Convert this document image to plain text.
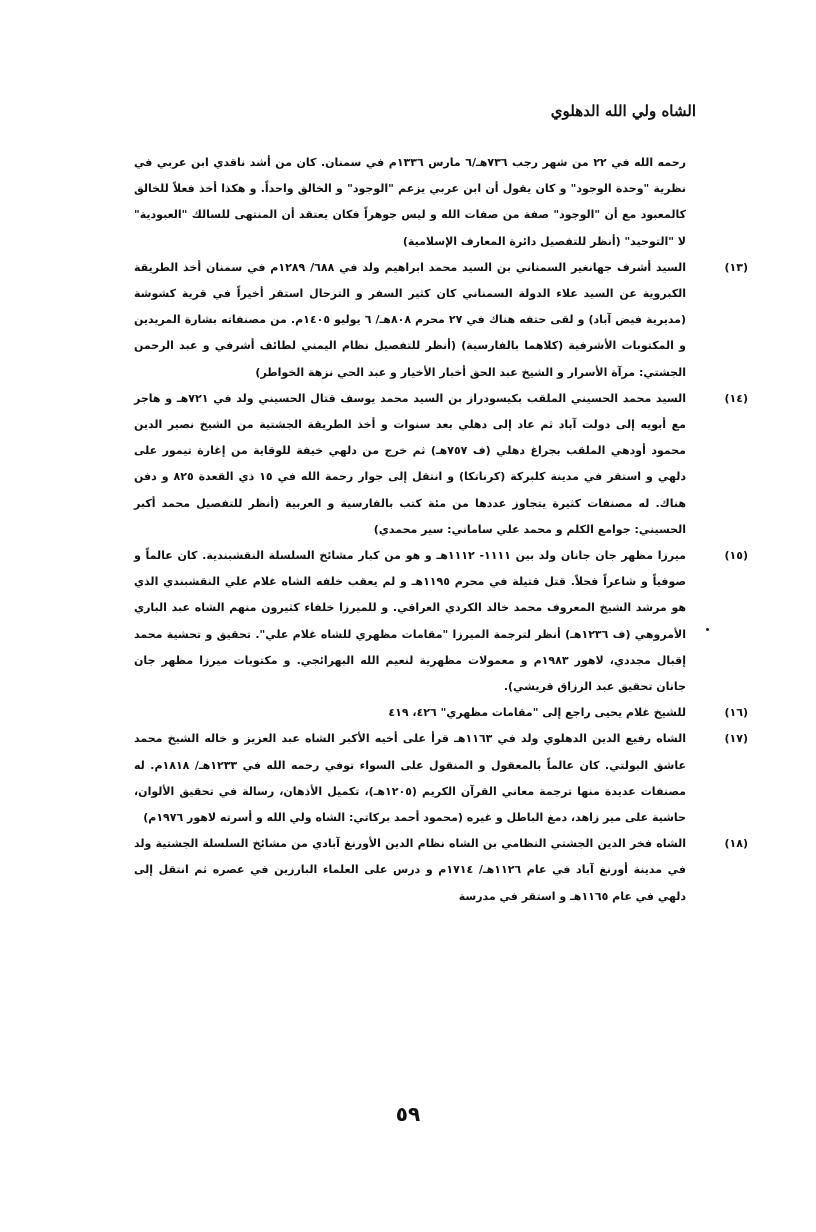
الشاه ولي الله الدهلوي

رحمه الله في ٢٢ من شهر رجب ٧٣٦هـ/٦ مارس ١٣٣٦م في سمنان. كان من أشد ناقدي ابن عربي في نظرية "وحدة الوجود" و كان يقول أن ابن عربي يزعم "الوجود" و الخالق واحداً. و هكذا أخذ فعلاً للخالق كالمعبود مع أن "الوجود" صفة من صفات الله و ليس جوهراً فكان يعتقد أن المنتهى للسالك "العبودية" لا "التوحيد" (أنظر للتفصيل دائرة المعارف الإسلامية)

(١٣)
السيد أشرف جهانغير السمناني بن السيد محمد ابراهيم ولد في ٦٨٨/ ١٢٨٩م في سمنان أخذ الطريقة الكبروية عن السيد علاء الدولة السمناني كان كثير السفر و الترحال استقر أخيراً في قرية كشوشة (مديرية فيض آباد) و لقى حتفه هناك في ٢٧ محرم ٨٠٨هـ/ ٦ يوليو ١٤٠٥م. من مصنفاته بشارة المريدين و المكتوبات الأشرفية (كلاهما بالفارسية) (أنظر للتفصيل نظام اليمني لطائف أشرفي و عبد الرحمن الجشتي: مرآة الأسرار و الشيخ عبد الحق أخبار الأخيار و عبد الحي نزهة الخواطر)

(١٤)
السيد محمد الحسيني الملقب بكيسودراز بن السيد محمد يوسف قتال الحسيني ولد في ٧٢١هـ و هاجر مع أبويه إلى دولت آباد ثم عاد إلى دهلي بعد سنوات و أخذ الطريقة الجشتية من الشيخ نصير الدين محمود أودهي الملقب بجراغ دهلي (ف ٧٥٧هـ) ثم خرج من دلهي خيفة للوقاية من إغارة تيمور على دلهي و استقر في مدينة كلبركة (كرناتكا) و انتقل إلى جوار رحمة الله في ١٥ ذي القعدة ٨٢٥ و دفن هناك. له مصنفات كثيرة يتجاوز عددها من مئة كتب بالفارسية و العربية (أنظر للتفصيل محمد أكبر الحسيني: جوامع الكلم و محمد علي ساماني: سير محمدي)

(١٥)
ميرزا مظهر جان جانان ولد بين ١١١١- ١١١٢هـ و هو من كبار مشائخ السلسلة النقشبندية. كان عالماً و صوفياً و شاعراً فحلاً. قتل قتيلة في محرم ١١٩٥هـ و لم يعقب خلفه الشاه غلام علي النقشبندي الذي هو مرشد الشيخ المعروف محمد خالد الكردي العراقي. و للميرزا خلفاء كثيرون منهم الشاه عبد الباري الأمروهي (ف ١٢٣٦هـ) أنظر لترجمة الميرزا "مقامات مظهري للشاه غلام علي". تحقيق و تحشية محمد إقبال مجددي، لاهور ١٩٨٣م و معمولات مظهرية لنعيم الله البهرائجي. و مكتوبات ميرزا مظهر جان جانان تحقيق عبد الرزاق قريشي).

(١٦)
للشيخ غلام يحيى راجع إلى "مقامات مظهري" ٤٢٦، ٤١٩

(١٧)
الشاه رفيع الدين الدهلوي ولد في ١١٦٣هـ قرأ على أخيه الأكبر الشاه عبد العزيز و خاله الشيخ محمد عاشق البولتي. كان عالماً بالمعقول و المنقول على السواء توفي رحمه الله في ١٢٣٣هـ/ ١٨١٨م. له مصنفات عديدة منها ترجمة معاني القرآن الكريم (١٢٠٥هـ)، تكميل الأذهان، رسالة في تحقيق الألوان، حاشية على مير زاهد، دمغ الباطل و غيره (محمود أحمد بركاتي: الشاه ولي الله و أسرته لاهور ١٩٧٦م)

(١٨)
الشاه فخر الدين الجشتي النظامي بن الشاه نظام الدين الأورنغ آبادي من مشائخ السلسلة الجشتية ولد في مدينة أورنغ آباد في عام ١١٢٦هـ/ ١٧١٤م و درس على العلماء البارزين في عصره ثم انتقل إلى دلهي في عام ١١٦٥هـ و استقر في مدرسة

٥٩
